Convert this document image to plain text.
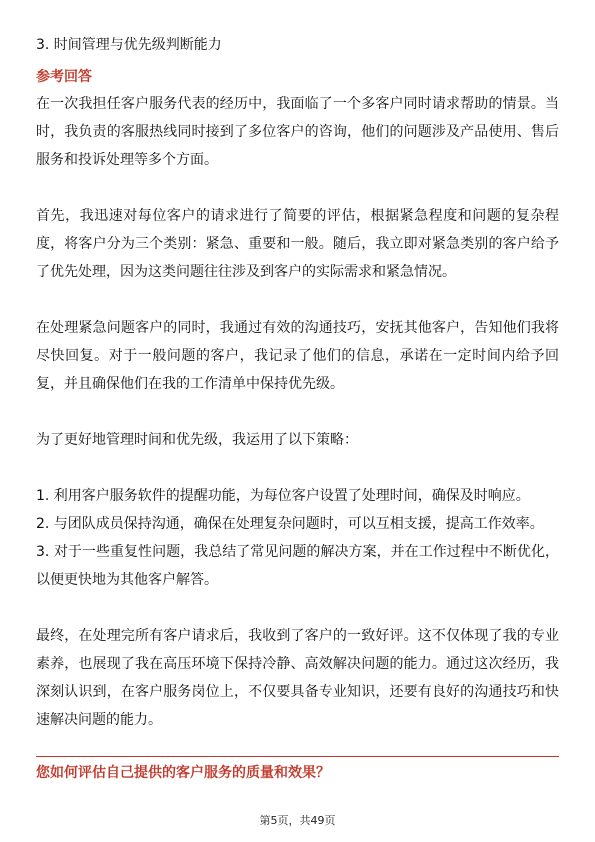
3. 时间管理与优先级判断能力
参考回答

在一次我担任客户服务代表的经历中，我面临了一个多客户同时请求帮助的情景。当时，我负责的客服热线同时接到了多位客户的咨询，他们的问题涉及产品使用、售后服务和投诉处理等多个方面。

首先，我迅速对每位客户的请求进行了简要的评估，根据紧急程度和问题的复杂程度，将客户分为三个类别：紧急、重要和一般。随后，我立即对紧急类别的客户给予了优先处理，因为这类问题往往涉及到客户的实际需求和紧急情况。

在处理紧急问题客户的同时，我通过有效的沟通技巧，安抚其他客户，告知他们我将尽快回复。对于一般问题的客户，我记录了他们的信息，承诺在一定时间内给予回复，并且确保他们在我的工作清单中保持优先级。

为了更好地管理时间和优先级，我运用了以下策略：

1. 利用客户服务软件的提醒功能，为每位客户设置了处理时间，确保及时响应。

2. 与团队成员保持沟通，确保在处理复杂问题时，可以互相支援，提高工作效率。

3. 对于一些重复性问题，我总结了常见问题的解决方案，并在工作过程中不断优化，以便更快地为其他客户解答。

最终，在处理完所有客户请求后，我收到了客户的一致好评。这不仅体现了我的专业素养，也展现了我在高压环境下保持冷静、高效解决问题的能力。通过这次经历，我深刻认识到，在客户服务岗位上，不仅要具备专业知识，还要有良好的沟通技巧和快速解决问题的能力。

您如何评估自己提供的客户服务的质量和效果？

第5页，共49页
